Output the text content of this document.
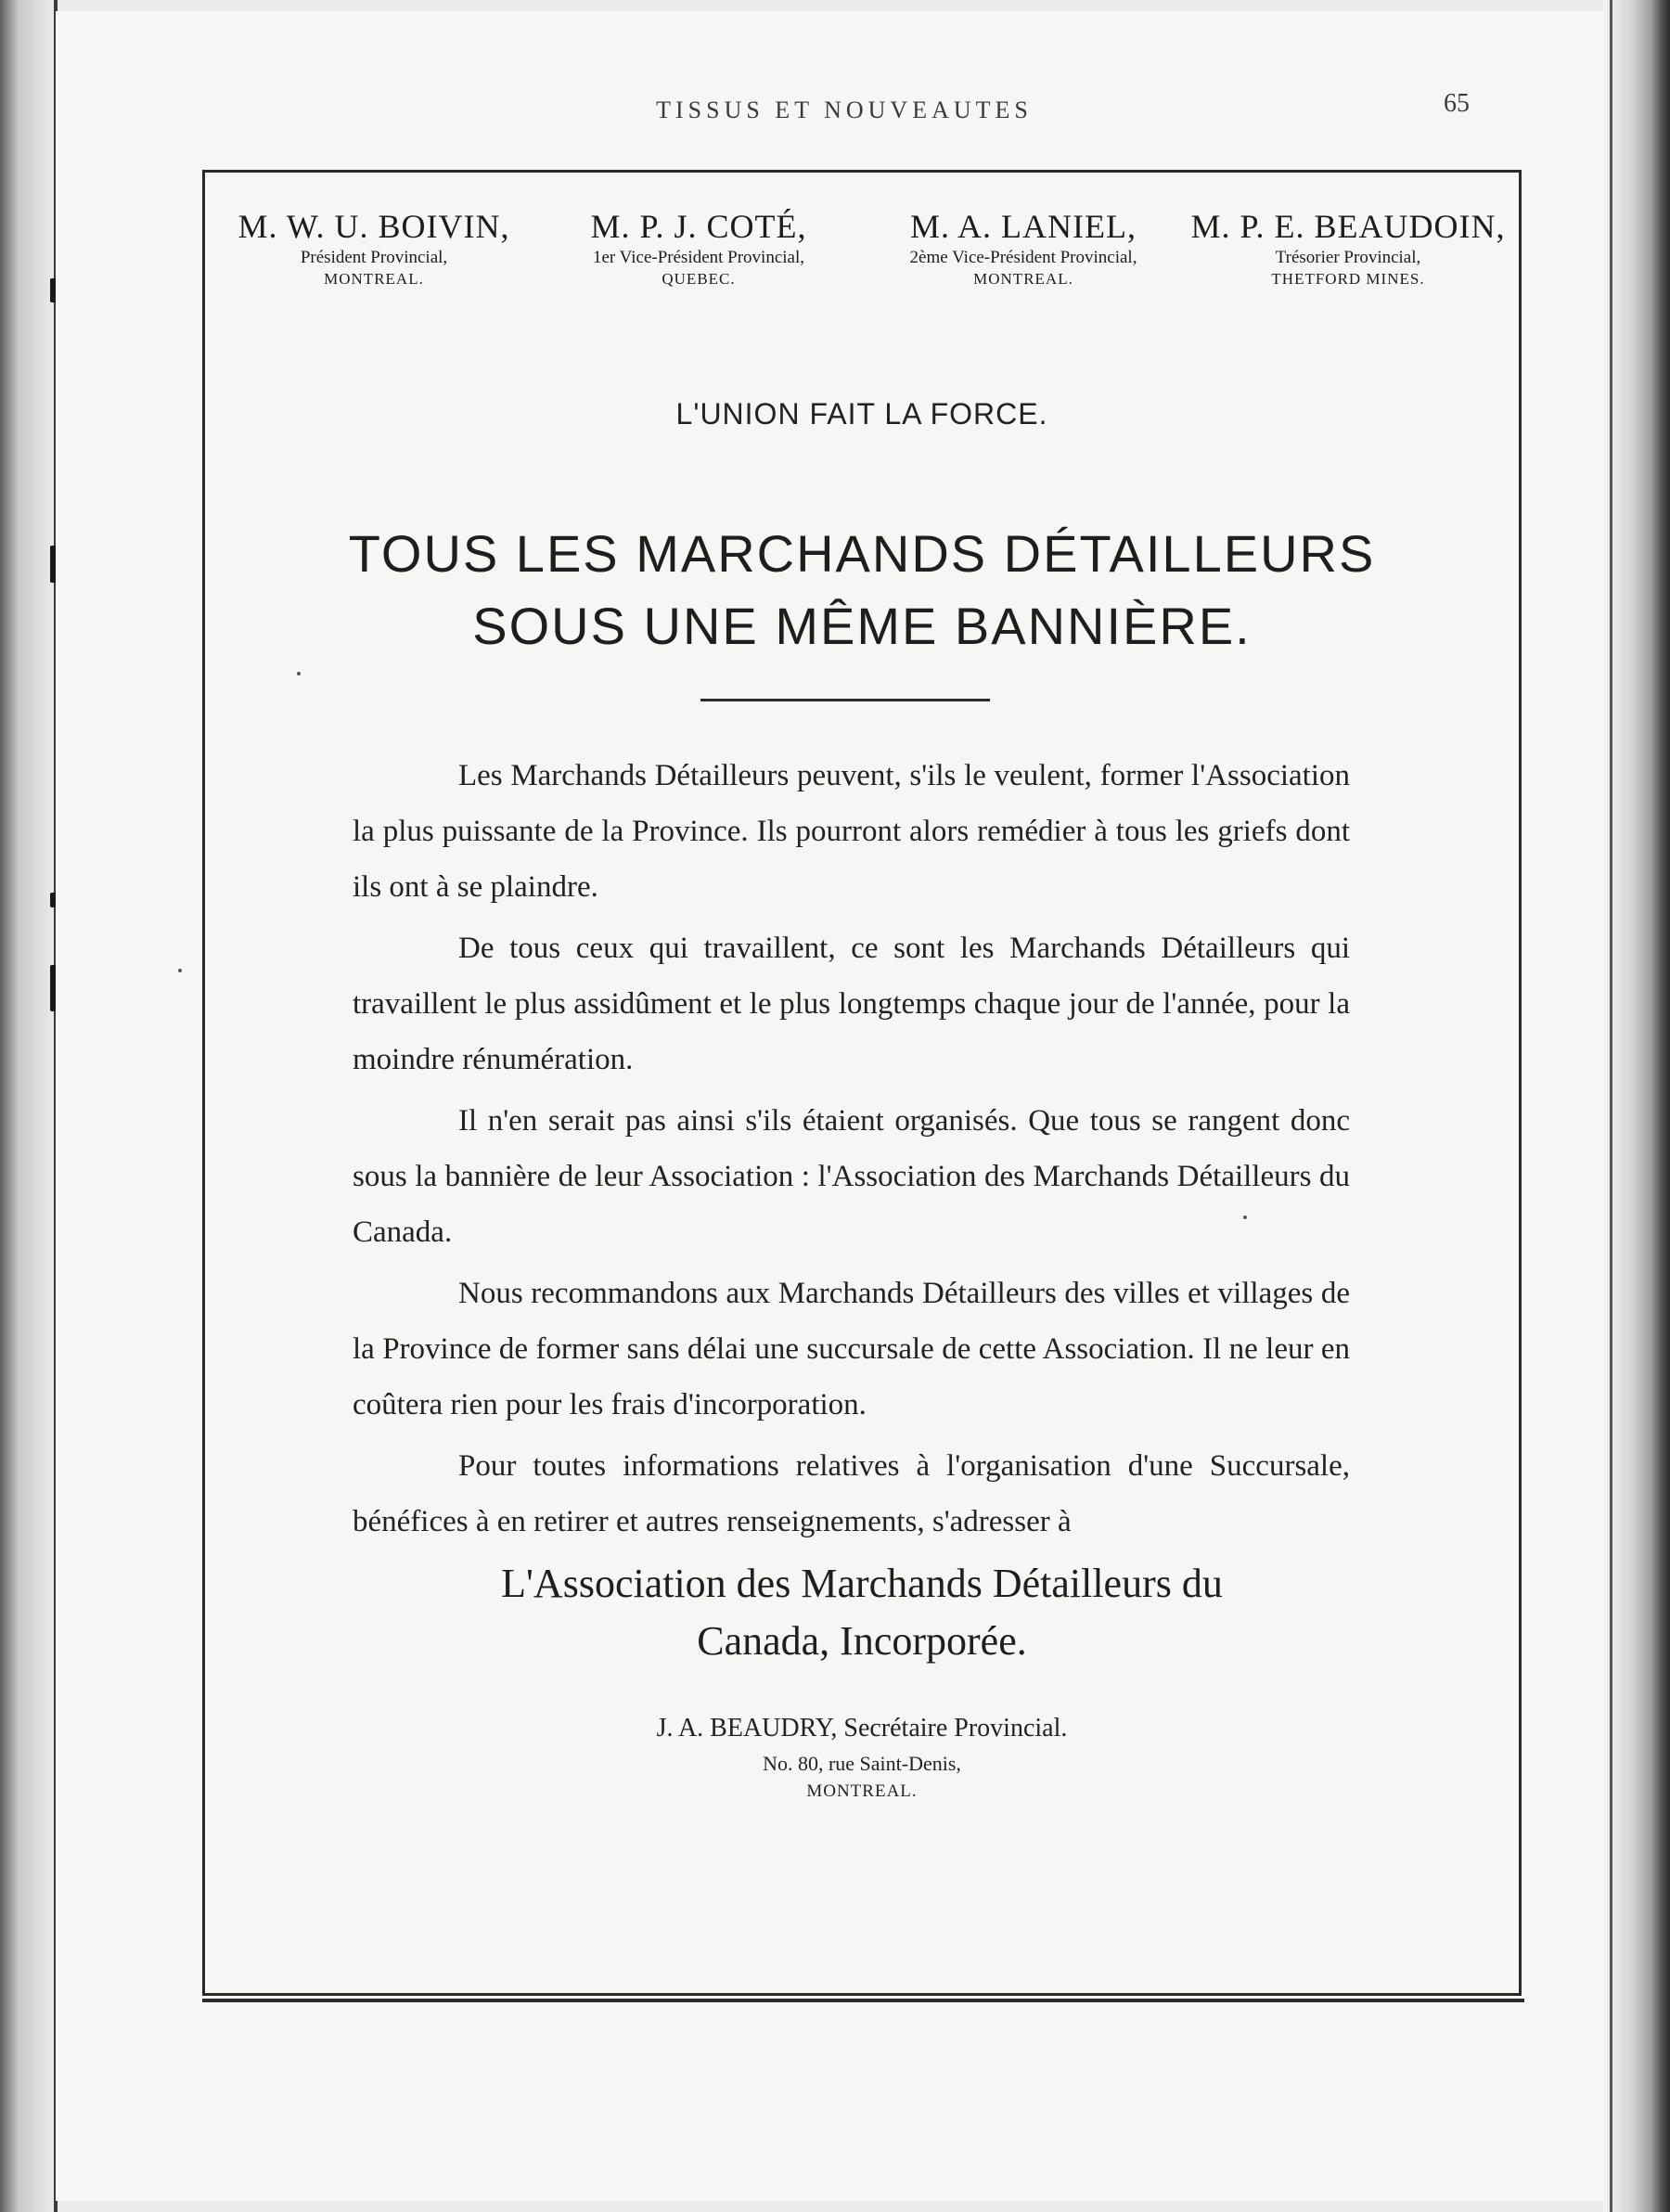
TISSUS ET NOUVEAUTES	65
M. W. U. BOIVIN,
Président Provincial,
MONTREAL.
M. P. J. COTÉ,
1er Vice-Président Provincial,
QUEBEC.
M. A. LANIEL,
2ème Vice-Président Provincial,
MONTREAL.
M. P. E. BEAUDOIN,
Trésorier Provincial,
THETFORD MINES.
L'UNION FAIT LA FORCE.
TOUS LES MARCHANDS DÉTAILLEURS
SOUS UNE MÊME BANNIÈRE.

Les Marchands Détailleurs peuvent, s'ils le veulent, former l'Association la plus puissante de la Province. Ils pourront alors remédier à tous les griefs dont ils ont à se plaindre.

De tous ceux qui travaillent, ce sont les Marchands Détailleurs qui travaillent le plus assidûment et le plus longtemps chaque jour de l'année, pour la moindre rénumération.

Il n'en serait pas ainsi s'ils étaient organisés. Que tous se rangent donc sous la bannière de leur Association : l'Association des Marchands Détailleurs du Canada.

Nous recommandons aux Marchands Détailleurs des villes et villages de la Province de former sans délai une succursale de cette Association. Il ne leur en coûtera rien pour les frais d'incorporation.

Pour toutes informations relatives à l'organisation d'une Succursale, bénéfices à en retirer et autres renseignements, s'adresser à

L'Association des Marchands Détailleurs du
Canada, Incorporée.
J. A. BEAUDRY, Secrétaire Provincial.
No. 80, rue Saint-Denis,
MONTREAL.
